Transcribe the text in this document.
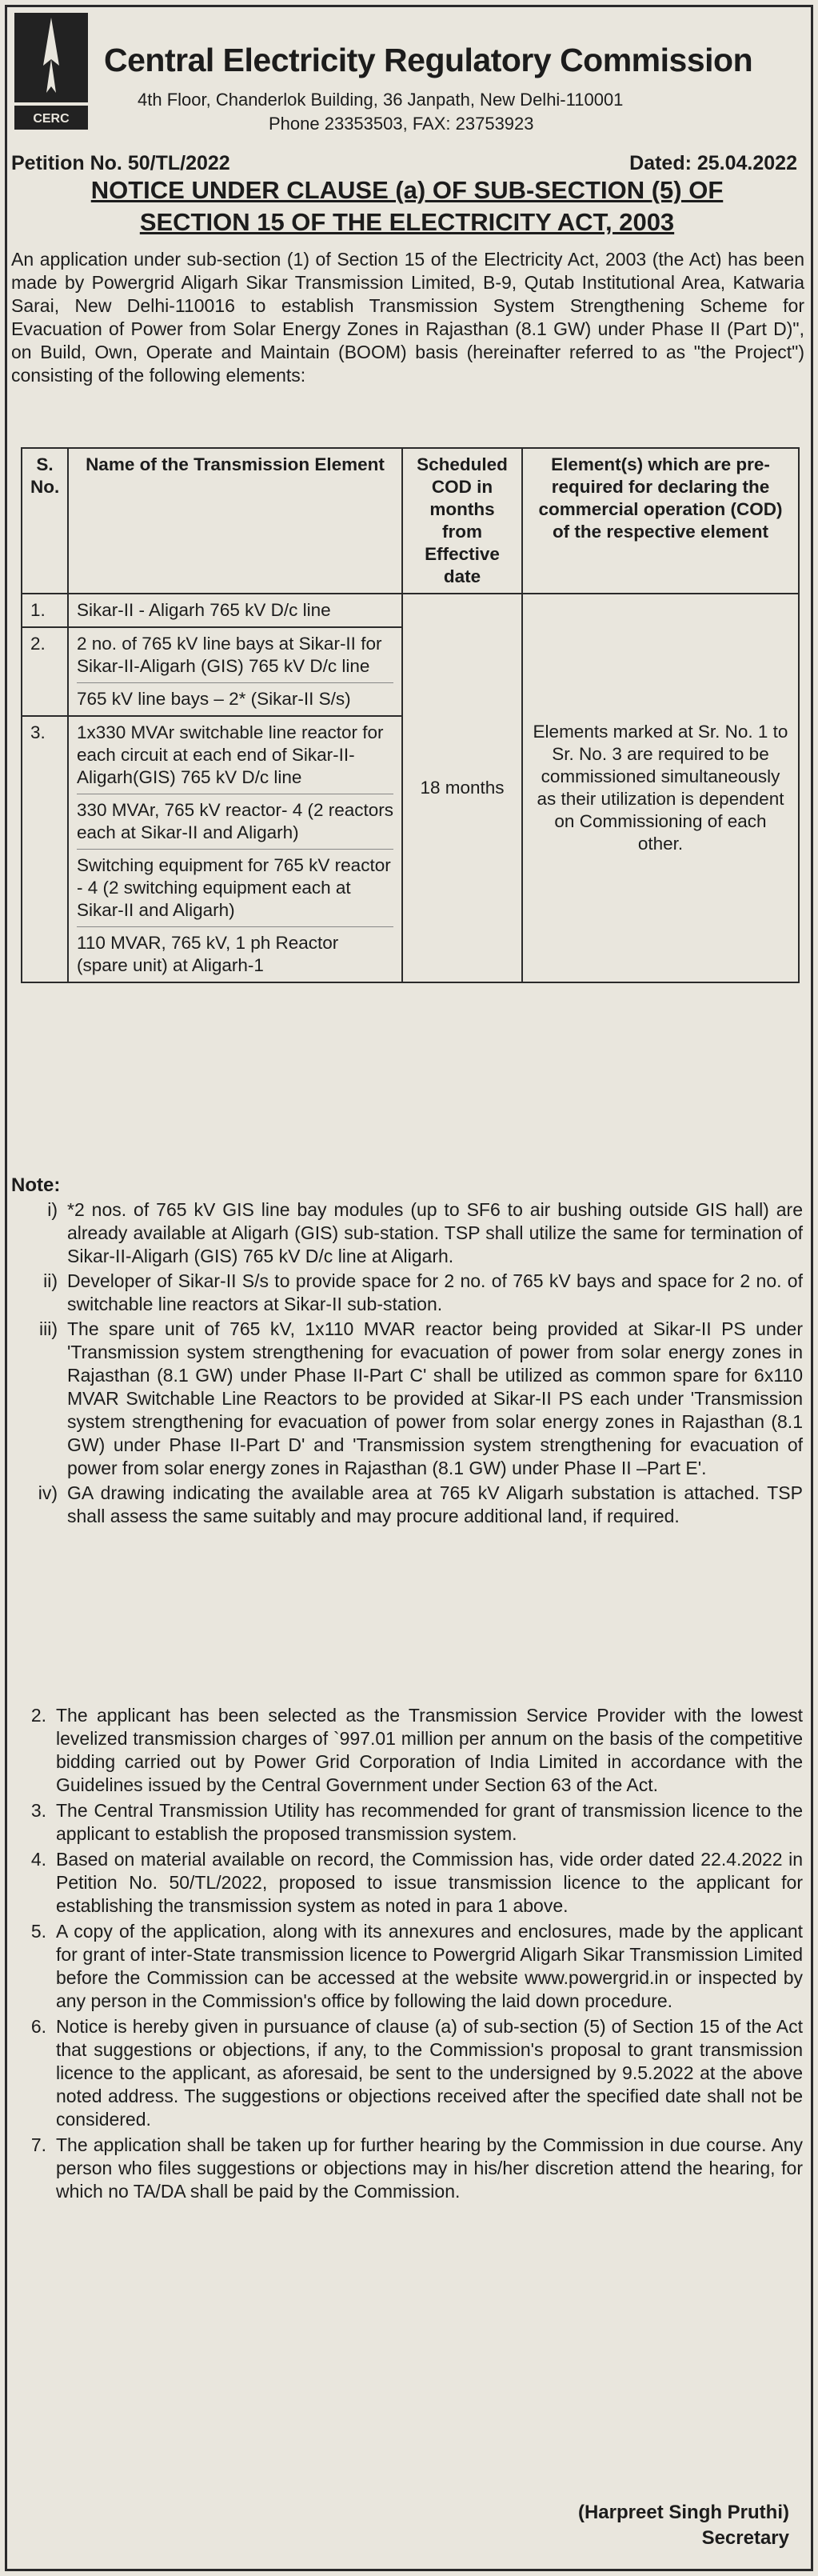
CERC
Central Electricity Regulatory Commission
4th Floor, Chanderlok Building, 36 Janpath, New Delhi-110001
Phone 23353503, FAX: 23753923
Petition No. 50/TL/2022	Dated: 25.04.2022
NOTICE UNDER CLAUSE (a) OF SUB-SECTION (5) OF
SECTION 15 OF THE ELECTRICITY ACT, 2003
An application under sub-section (1) of Section 15 of the Electricity Act, 2003 (the Act) has been made by Powergrid Aligarh Sikar Transmission Limited, B-9, Qutab Institutional Area, Katwaria Sarai, New Delhi-110016 to establish Transmission System Strengthening Scheme for Evacuation of Power from Solar Energy Zones in Rajasthan (8.1 GW) under Phase II (Part D)", on Build, Own, Operate and Maintain (BOOM) basis (hereinafter referred to as "the Project") consisting of the following elements:
S. No.	Name of the Transmission Element	Scheduled COD in months from Effective date	Element(s) which are pre-required for declaring the commercial operation (COD) of the respective element
1.	Sikar-II - Aligarh 765 kV D/c line	18 months	Elements marked at Sr. No. 1 to Sr. No. 3 are required to be commissioned simultaneously as their utilization is dependent on Commissioning of each other.
2.	2 no. of 765 kV line bays at Sikar-II for Sikar-II-Aligarh (GIS) 765 kV D/c line
765 kV line bays – 2* (Sikar-II S/s)		

3.	1x330 MVAr switchable line reactor for each circuit at each end of Sikar-II-Aligarh(GIS) 765 kV D/c line
330 MVAr, 765 kV reactor- 4 (2 reactors each at Sikar-II and Aligarh)
Switching equipment for 765 kV reactor - 4 (2 switching equipment each at Sikar-II and Aligarh)
110 MVAR, 765 kV, 1 ph Reactor (spare unit) at Aligarh-1		
Note:
i) *2 nos. of 765 kV GIS line bay modules (up to SF6 to air bushing outside GIS hall) are already available at Aligarh (GIS) sub-station. TSP shall utilize the same for termination of Sikar-II-Aligarh (GIS) 765 kV D/c line at Aligarh.
ii) Developer of Sikar-II S/s to provide space for 2 no. of 765 kV bays and space for 2 no. of switchable line reactors at Sikar-II sub-station.
iii) The spare unit of 765 kV, 1x110 MVAR reactor being provided at Sikar-II PS under 'Transmission system strengthening for evacuation of power from solar energy zones in Rajasthan (8.1 GW) under Phase II-Part C' shall be utilized as common spare for 6x110 MVAR Switchable Line Reactors to be provided at Sikar-II PS each under 'Transmission system strengthening for evacuation of power from solar energy zones in Rajasthan (8.1 GW) under Phase II-Part D' and 'Transmission system strengthening for evacuation of power from solar energy zones in Rajasthan (8.1 GW) under Phase II –Part E'.
iv) GA drawing indicating the available area at 765 kV Aligarh substation is attached. TSP shall assess the same suitably and may procure additional land, if required.
2. The applicant has been selected as the Transmission Service Provider with the lowest levelized transmission charges of `997.01 million per annum on the basis of the competitive bidding carried out by Power Grid Corporation of India Limited in accordance with the Guidelines issued by the Central Government under Section 63 of the Act.
3. The Central Transmission Utility has recommended for grant of transmission licence to the applicant to establish the proposed transmission system.
4. Based on material available on record, the Commission has, vide order dated 22.4.2022 in Petition No. 50/TL/2022, proposed to issue transmission licence to the applicant for establishing the transmission system as noted in para 1 above.
5. A copy of the application, along with its annexures and enclosures, made by the applicant for grant of inter-State transmission licence to Powergrid Aligarh Sikar Transmission Limited before the Commission can be accessed at the website www.powergrid.in or inspected by any person in the Commission's office by following the laid down procedure.
6. Notice is hereby given in pursuance of clause (a) of sub-section (5) of Section 15 of the Act that suggestions or objections, if any, to the Commission's proposal to grant transmission licence to the applicant, as aforesaid, be sent to the undersigned by 9.5.2022 at the above noted address. The suggestions or objections received after the specified date shall not be considered.
7. The application shall be taken up for further hearing by the Commission in due course. Any person who files suggestions or objections may in his/her discretion attend the hearing, for which no TA/DA shall be paid by the Commission.
(Harpreet Singh Pruthi)
Secretary
